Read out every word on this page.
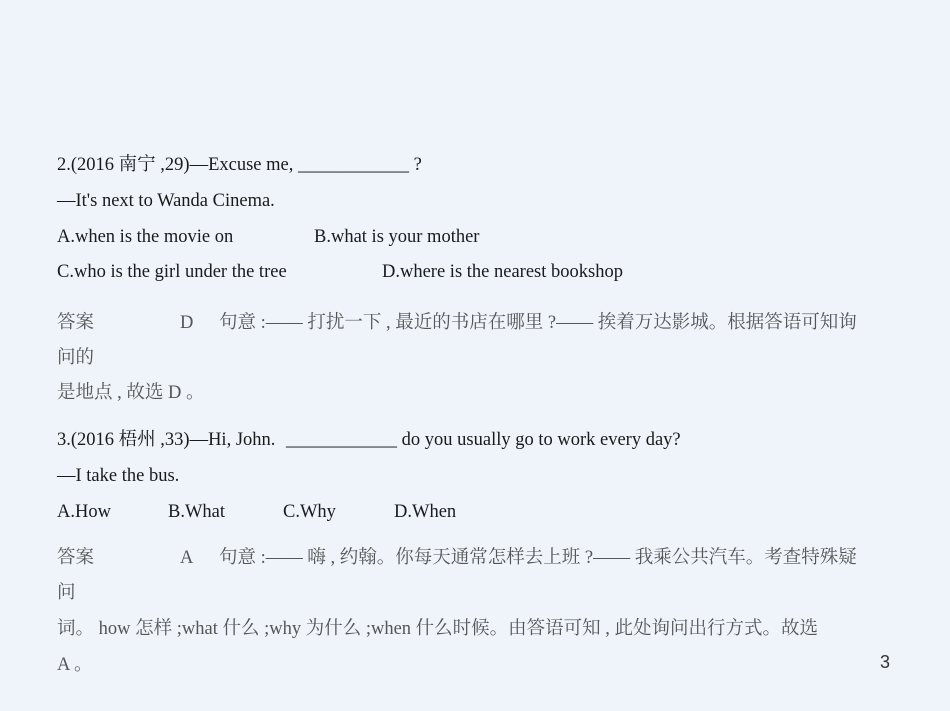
2.(2016 南宁 ,29)—Excuse me, ____________ ?
—It's next to Wanda Cinema.
A.when is the movie on	B.what is your mother
C.who is the girl under the tree	D.where is the nearest bookshop
答案	D 句意 :—— 打扰一下 , 最近的书店在哪里 ?—— 挨着万达影城。根据答语可知询
问的
是地点 , 故选 D 。
3.(2016 梧州 ,33)—Hi, John. ____________ do you usually go to work every day?
—I take the bus.
A.How	B.What	C.Why	D.When
答案	A 句意 :—— 嗨 , 约翰。你每天通常怎样去上班 ?—— 我乘公共汽车。考查特殊疑
问
词。 how 怎样 ;what 什么 ;why 为什么 ;when 什么时候。由答语可知 , 此处询问出行方式。故选
A 。	3
